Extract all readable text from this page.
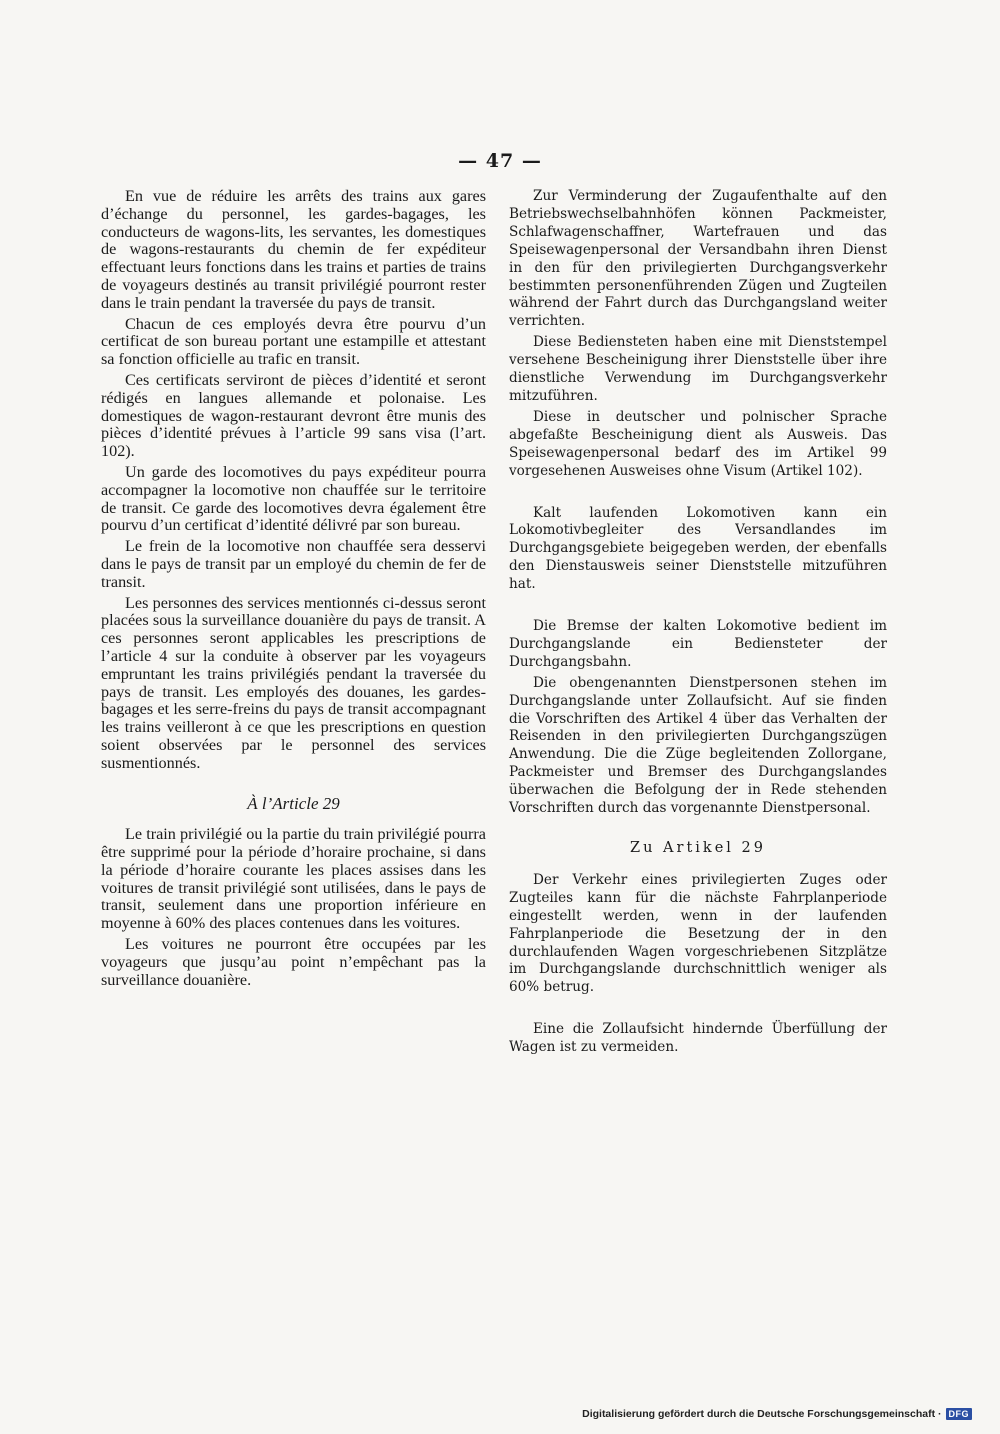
— 47 —

En vue de réduire les arrêts des trains aux gares d’échange du personnel, les gardes-bagages, les conducteurs de wagons-lits, les servantes, les domestiques de wagons-restaurants du chemin de fer expéditeur effectuant leurs fonctions dans les trains et parties de trains de voyageurs destinés au transit privilégié pourront rester dans le train pendant la traversée du pays de transit.

Chacun de ces employés devra être pourvu d’un certificat de son bureau portant une estampille et attestant sa fonction officielle au trafic en transit.

Ces certificats serviront de pièces d’identité et seront rédigés en langues allemande et polonaise. Les domestiques de wagon-restaurant devront être munis des pièces d’identité prévues à l’article 99 sans visa (l’art. 102).

Un garde des locomotives du pays expéditeur pourra accompagner la locomotive non chauffée sur le territoire de transit. Ce garde des locomotives devra également être pourvu d’un certificat d’identité délivré par son bureau.

Le frein de la locomotive non chauffée sera desservi dans le pays de transit par un employé du chemin de fer de transit.

Les personnes des services mentionnés ci-dessus seront placées sous la surveillance douanière du pays de transit. A ces personnes seront applicables les prescriptions de l’article 4 sur la conduite à observer par les voyageurs empruntant les trains privilégiés pendant la traversée du pays de transit. Les employés des douanes, les gardes-bagages et les serre-freins du pays de transit accompagnant les trains veilleront à ce que les prescriptions en question soient observées par le personnel des services susmentionnés.

À l’Article 29

Le train privilégié ou la partie du train privilégié pourra être supprimé pour la période d’horaire prochaine, si dans la période d’horaire courante les places assises dans les voitures de transit privilégié sont utilisées, dans le pays de transit, seulement dans une proportion inférieure en moyenne à 60% des places contenues dans les voitures.

Les voitures ne pourront être occupées par les voyageurs que jusqu’au point n’empêchant pas la surveillance douanière.

Zur Verminderung der Zugaufenthalte auf den Betriebswechselbahnhöfen können Packmeister, Schlafwagenschaffner, Wartefrauen und das Speisewagenpersonal der Versandbahn ihren Dienst in den für den privilegierten Durchgangsverkehr bestimmten personenführenden Zügen und Zugteilen während der Fahrt durch das Durchgangsland weiter verrichten.

Diese Bediensteten haben eine mit Dienststempel versehene Bescheinigung ihrer Dienststelle über ihre dienstliche Verwendung im Durchgangsverkehr mitzuführen.

Diese in deutscher und polnischer Sprache abgefaßte Bescheinigung dient als Ausweis. Das Speisewagenpersonal bedarf des im Artikel 99 vorgesehenen Ausweises ohne Visum (Artikel 102).

Kalt laufenden Lokomotiven kann ein Lokomotivbegleiter des Versandlandes im Durchgangsgebiete beigegeben werden, der ebenfalls den Dienstausweis seiner Dienststelle mitzuführen hat.

Die Bremse der kalten Lokomotive bedient im Durchgangslande ein Bediensteter der Durchgangsbahn.

Die obengenannten Dienstpersonen stehen im Durchgangslande unter Zollaufsicht. Auf sie finden die Vorschriften des Artikel 4 über das Verhalten der Reisenden in den privilegierten Durchgangszügen Anwendung. Die die Züge begleitenden Zollorgane, Packmeister und Bremser des Durchgangslandes überwachen die Befolgung der in Rede stehenden Vorschriften durch das vorgenannte Dienstpersonal.

Zu Artikel 29

Der Verkehr eines privilegierten Zuges oder Zugteiles kann für die nächste Fahrplanperiode eingestellt werden, wenn in der laufenden Fahrplanperiode die Besetzung der in den durchlaufenden Wagen vorgeschriebenen Sitzplätze im Durchgangslande durchschnittlich weniger als 60% betrug.

Eine die Zollaufsicht hindernde Überfüllung der Wagen ist zu vermeiden.

Digitalisierung gefördert durch die Deutsche Forschungsgemeinschaft · DFG
